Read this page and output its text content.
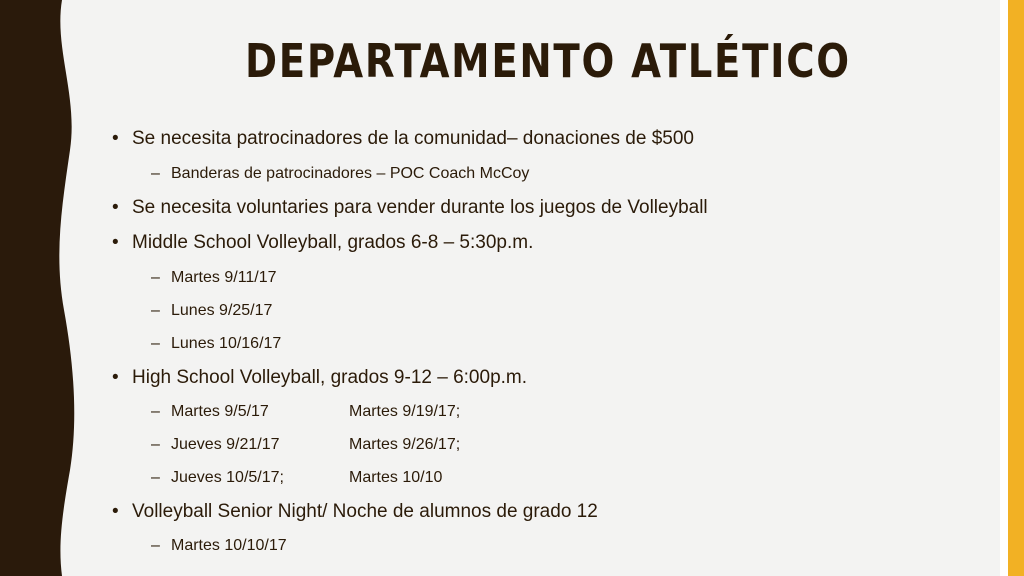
DEPARTAMENTO ATLÉTICO
• Se necesita patrocinadores de la comunidad– donaciones de $500
– Banderas de patrocinadores – POC Coach McCoy
• Se necesita voluntaries para vender durante los juegos de Volleyball
• Middle School Volleyball, grados 6-8 – 5:30p.m.
– Martes 9/11/17
– Lunes 9/25/17
– Lunes 10/16/17
• High School Volleyball, grados 9-12 – 6:00p.m.
– Martes 9/5/17	Martes 9/19/17;
– Jueves 9/21/17	Martes 9/26/17;
– Jueves 10/5/17;	Martes 10/10
• Volleyball Senior Night/ Noche de alumnos de grado 12
– Martes 10/10/17
